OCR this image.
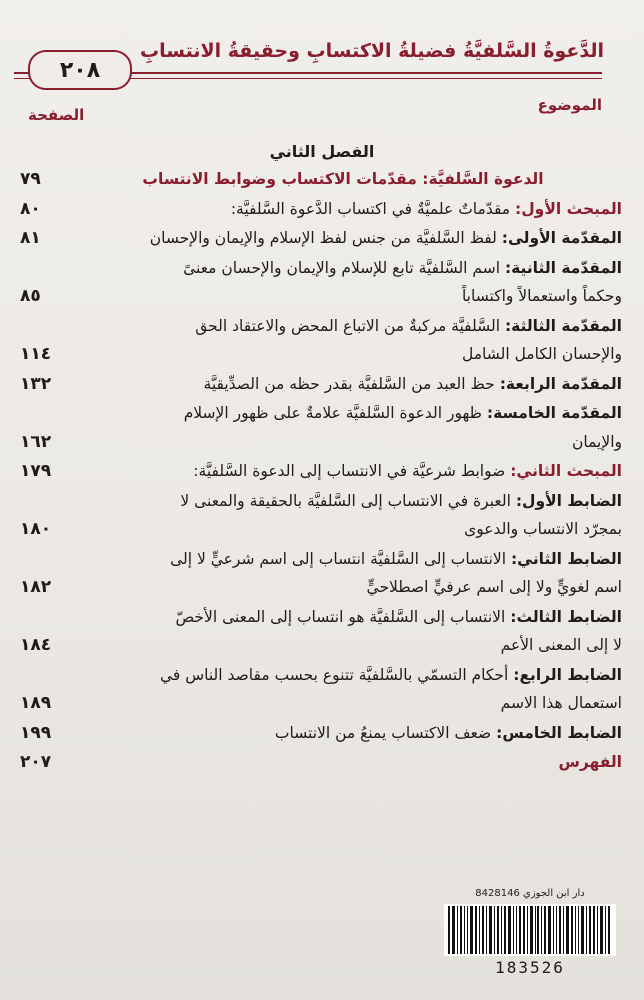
الدَّعوةُ السَّلفيَّةُ فضيلةُ الاكتسابِ وحقيقةُ الانتسابِ
٢٠٨
الموضوع
الصفحة
الفصل الثاني
الدعوة السَّلفيَّة: مقدّمات الاكتساب وضوابط الانتساب
٧٩
المبحث الأول: مقدّماتٌ علميَّةٌ في اكتساب الدَّعوة السَّلفيَّة:
٨٠
المقدّمة الأولى: لفظ السَّلفيَّة من جنس لفظ الإسلام والإيمان والإحسان
٨١
المقدّمة الثانية: اسم السَّلفيَّة تابع للإسلام والإيمان والإحسان معنىً
وحكماً واستعمالاً واكتساباً
٨٥
المقدّمة الثالثة: السَّلفيَّة مركبةٌ من الاتباع المحض والاعتقاد الحق
والإحسان الكامل الشامل
١١٤
المقدّمة الرابعة: حظ العبد من السَّلفيَّة بقدر حظه من الصدِّيقيَّة
١٣٢
المقدّمة الخامسة: ظهور الدعوة السَّلفيَّة علامةٌ على ظهور الإسلام
والإيمان
١٦٢
المبحث الثاني: ضوابط شرعيَّة في الانتساب إلى الدعوة السَّلفيَّة:
١٧٩
الضابط الأول: العبرة في الانتساب إلى السَّلفيَّة بالحقيقة والمعنى لا
بمجرّد الانتساب والدعوى
١٨٠
الضابط الثاني: الانتساب إلى السَّلفيَّة انتساب إلى اسم شرعيٍّ لا إلى
اسم لغويٍّ ولا إلى اسم عرفيٍّ اصطلاحيٍّ
١٨٢
الضابط الثالث: الانتساب إلى السَّلفيَّة هو انتساب إلى المعنى الأخصّ
لا إلى المعنى الأعم
١٨٤
الضابط الرابع: أحكام التسمّي بالسَّلفيَّة تتنوع بحسب مقاصد الناس في
استعمال هذا الاسم
١٨٩
الضابط الخامس: ضعف الاكتساب يمنعُ من الانتساب
١٩٩
الفهرس
٢٠٧
دار ابن الجوزي 8428146
183526
